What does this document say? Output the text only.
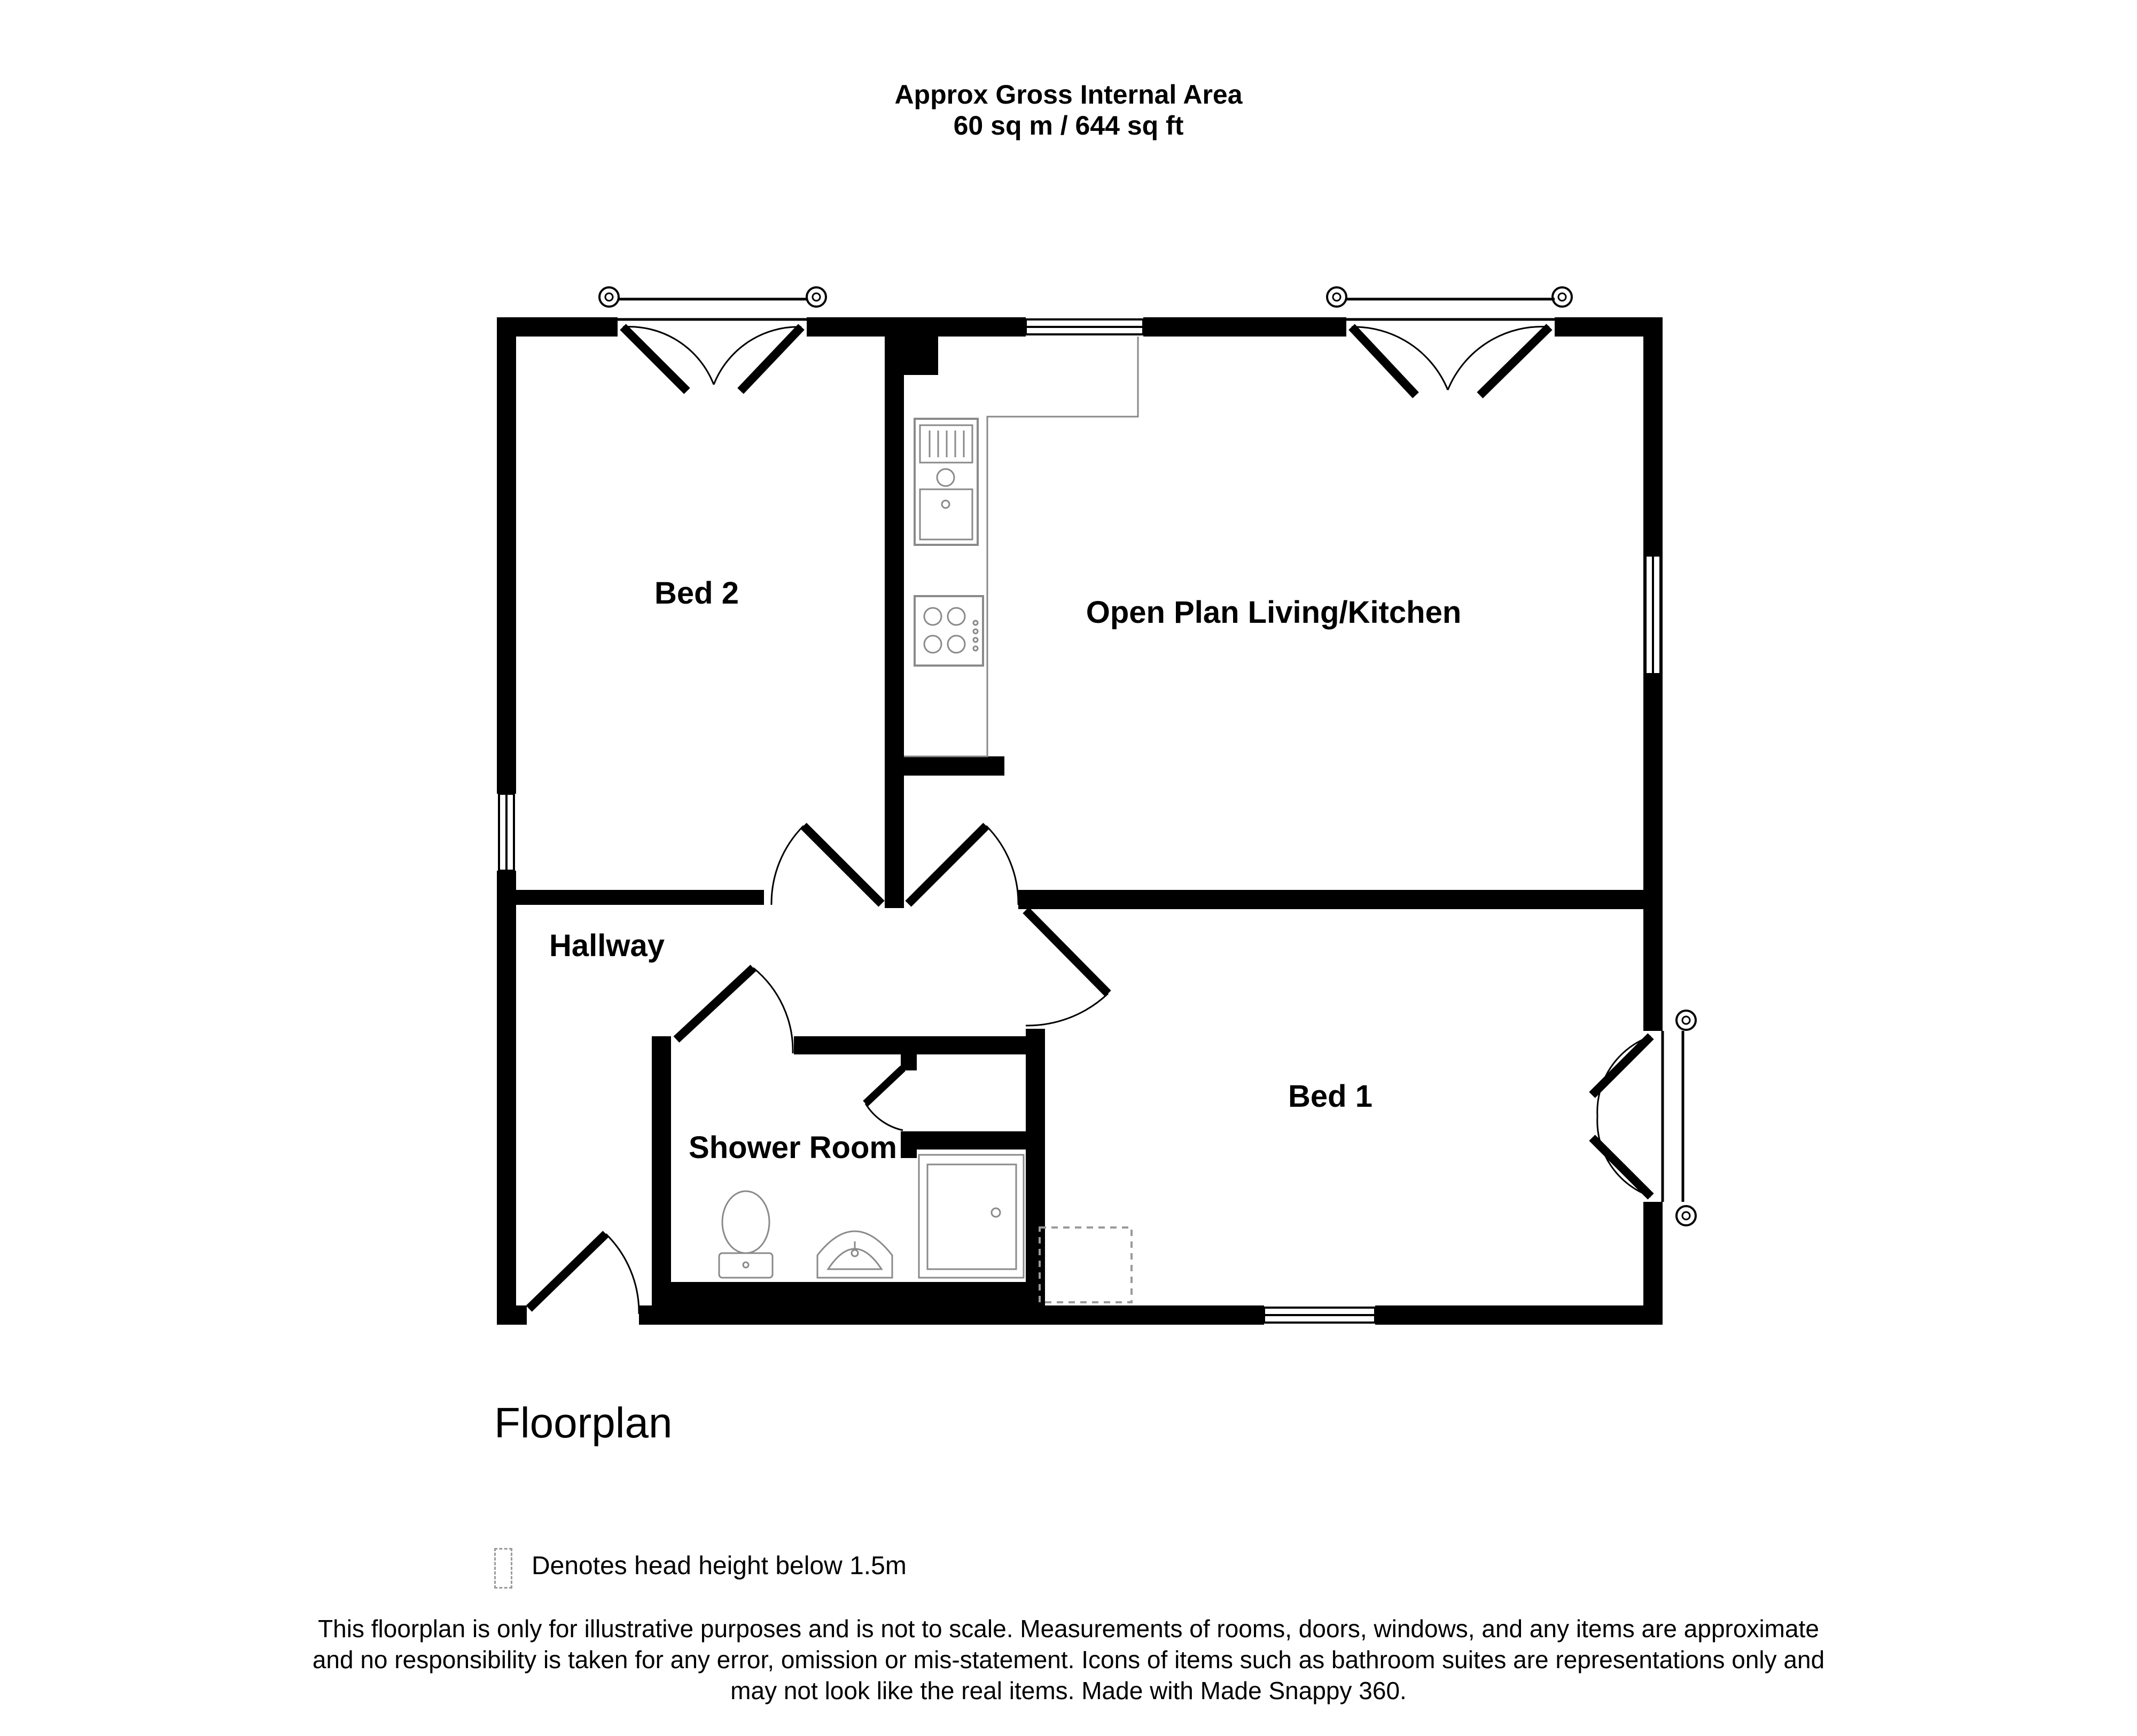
Approx Gross Internal Area
60 sq m / 644 sq ft
Bed 2
Open Plan Living/Kitchen
Hallway
Bed 1
Shower Room
Floorplan
Denotes head height below 1.5m
This floorplan is only for illustrative purposes and is not to scale. Measurements of rooms, doors, windows, and any items are approximate
and no responsibility is taken for any error, omission or mis-statement. Icons of items such as bathroom suites are representations only and
may not look like the real items. Made with Made Snappy 360.
